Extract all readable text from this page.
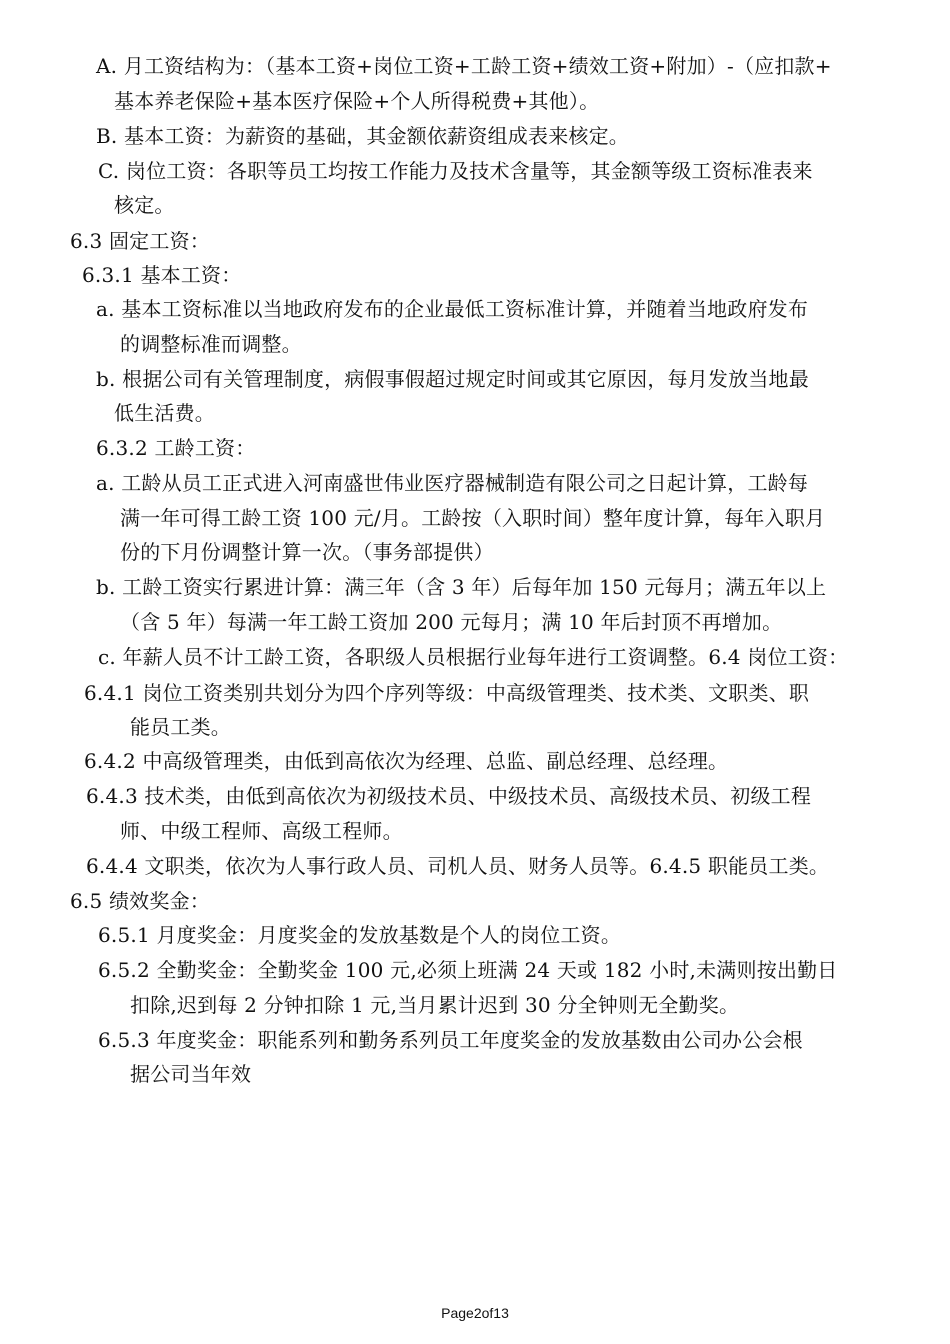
A. 月工资结构为：（基本工资+岗位工资+工龄工资+绩效工资+附加）-（应扣款+
基本养老保险+基本医疗保险+个人所得税费+其他）。
B. 基本工资：为薪资的基础，其金额依薪资组成表来核定。
C. 岗位工资：各职等员工均按工作能力及技术含量等，其金额等级工资标准表来
核定。
6.3 固定工资：
6.3.1 基本工资：
a. 基本工资标准以当地政府发布的企业最低工资标准计算，并随着当地政府发布
的调整标准而调整。
b. 根据公司有关管理制度，病假事假超过规定时间或其它原因，每月发放当地最
低生活费。
6.3.2 工龄工资：
a. 工龄从员工正式进入河南盛世伟业医疗器械制造有限公司之日起计算，工龄每
满一年可得工龄工资 100 元/月。工龄按（入职时间）整年度计算，每年入职月
份的下月份调整计算一次。（事务部提供）
b. 工龄工资实行累进计算：满三年（含 3 年）后每年加 150 元每月；满五年以上
（含 5 年）每满一年工龄工资加 200 元每月；满 10 年后封顶不再增加。
c. 年薪人员不计工龄工资，各职级人员根据行业每年进行工资调整。6.4 岗位工资：
6.4.1 岗位工资类别共划分为四个序列等级：中高级管理类、技术类、文职类、职
能员工类。
6.4.2 中高级管理类，由低到高依次为经理、总监、副总经理、总经理。
6.4.3 技术类，由低到高依次为初级技术员、中级技术员、高级技术员、初级工程
师、中级工程师、高级工程师。
6.4.4 文职类，依次为人事行政人员、司机人员、财务人员等。6.4.5 职能员工类。
6.5 绩效奖金：
6.5.1 月度奖金：月度奖金的发放基数是个人的岗位工资。
6.5.2 全勤奖金：全勤奖金 100 元,必须上班满 24 天或 182 小时,未满则按出勤日
扣除,迟到每 2 分钟扣除 1 元,当月累计迟到 30 分全钟则无全勤奖。
6.5.3 年度奖金：职能系列和勤务系列员工年度奖金的发放基数由公司办公会根
据公司当年效
Page2of13
